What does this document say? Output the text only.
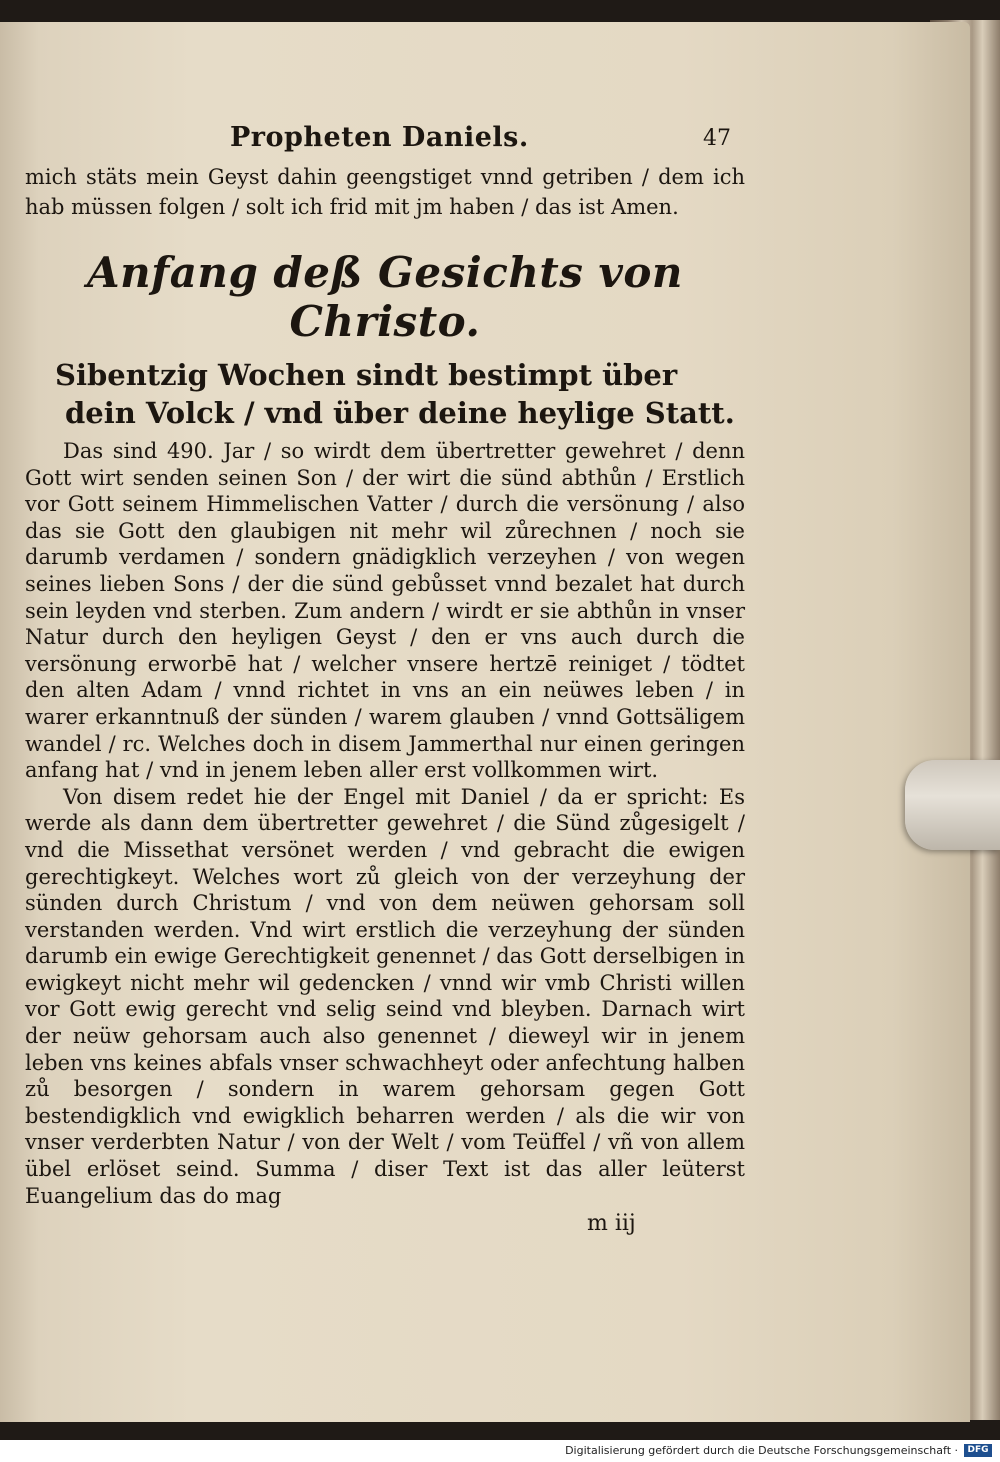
Propheten Daniels.	47

mich stäts mein Geyst dahin geengstiget vnnd getriben / dem ich hab müssen folgen / solt ich frid mit jm haben / das ist Amen.

Anfang deß Gesichts von Christo.
Sibentzig Wochen sindt bestimpt über dein Volck / vnd über deine heylige Statt.

Das sind 490. Jar / so wirdt dem übertretter gewehret / denn Gott wirt senden seinen Son / der wirt die sünd abthůn / Erstlich vor Gott seinem Himmelischen Vatter / durch die versönung / also das sie Gott den glaubigen nit mehr wil zůrechnen / noch sie darumb verdamen / sondern gnädigklich verzeyhen / von wegen seines lieben Sons / der die sünd gebůsset vnnd bezalet hat durch sein leyden vnd sterben. Zum andern / wirdt er sie abthůn in vnser Natur durch den heyligen Geyst / den er vns auch durch die versönung erworbē hat / welcher vnsere hertzē reiniget / tödtet den alten Adam / vnnd richtet in vns an ein neüwes leben / in warer erkanntnuß der sünden / warem glauben / vnnd Gottsäligem wandel / rc. Welches doch in disem Jammerthal nur einen geringen anfang hat / vnd in jenem leben aller erst vollkommen wirt.

Von disem redet hie der Engel mit Daniel / da er spricht: Es werde als dann dem übertretter gewehret / die Sünd zůgesigelt / vnd die Missethat versönet werden / vnd gebracht die ewigen gerechtigkeyt. Welches wort zů gleich von der verzeyhung der sünden durch Christum / vnd von dem neüwen gehorsam soll verstanden werden. Vnd wirt erstlich die verzeyhung der sünden darumb ein ewige Gerechtigkeit genennet / das Gott derselbigen in ewigkeyt nicht mehr wil gedencken / vnnd wir vmb Christi willen vor Gott ewig gerecht vnd selig seind vnd bleyben. Darnach wirt der neüw gehorsam auch also genennet / dieweyl wir in jenem leben vns keines abfals vnser schwachheyt oder anfechtung halben zů besorgen / sondern in warem gehorsam gegen Gott bestendigklich vnd ewigklich beharren werden / als die wir von vnser verderbten Natur / von der Welt / vom Teüffel / vñ von allem übel erlöset seind. Summa / diser Text ist das aller leüterst Euangelium das do mag

m iij
Digitalisierung gefördert durch die Deutsche Forschungsgemeinschaft ·	DFG
